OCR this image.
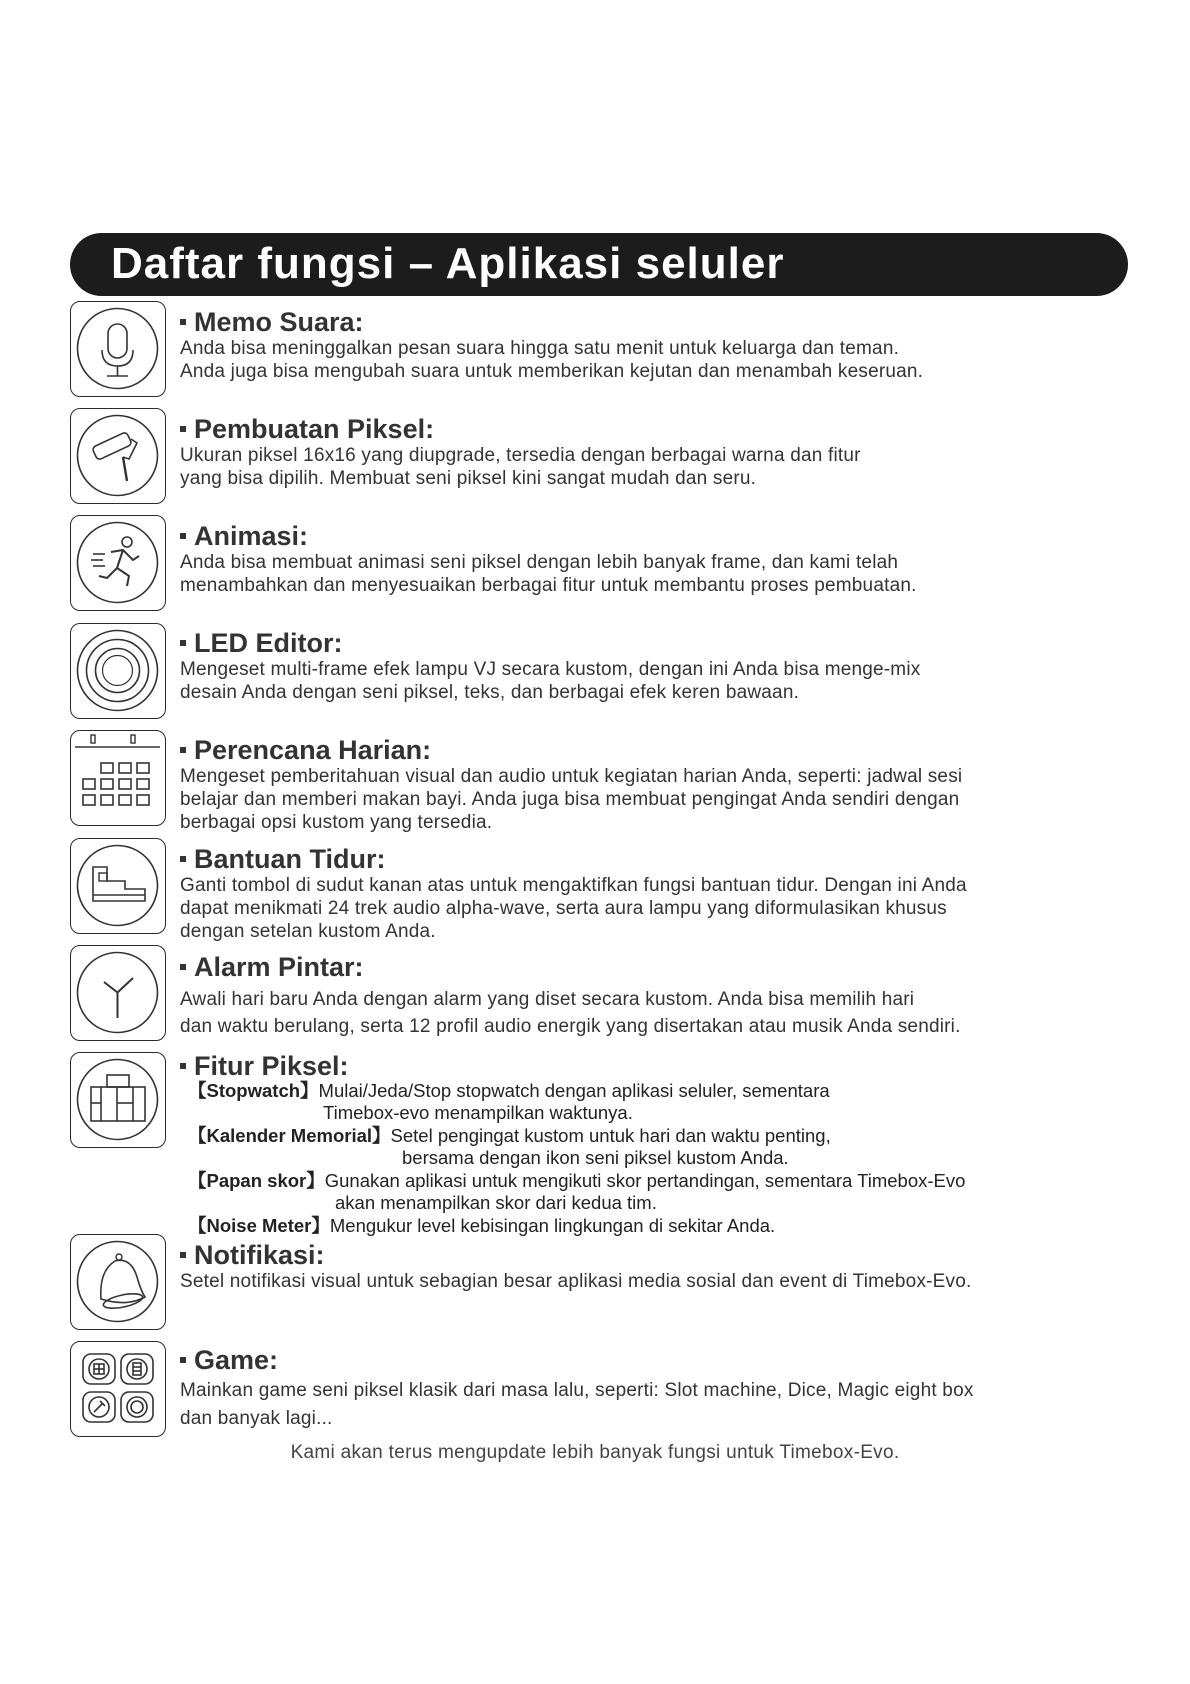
Daftar fungsi – Aplikasi seluler
Memo Suara:
Anda bisa meninggalkan pesan suara hingga satu menit untuk keluarga dan teman.
Anda juga bisa mengubah suara untuk memberikan kejutan dan menambah keseruan.
Pembuatan Piksel:
Ukuran piksel 16x16 yang diupgrade, tersedia dengan berbagai warna dan fitur
yang bisa dipilih. Membuat seni piksel kini sangat mudah dan seru.
Animasi:
Anda bisa membuat animasi seni piksel dengan lebih banyak frame, dan kami telah
menambahkan dan menyesuaikan berbagai fitur untuk membantu proses pembuatan.
LED Editor:
Mengeset multi-frame efek lampu VJ secara kustom, dengan ini Anda bisa menge-mix
desain Anda dengan seni piksel, teks, dan berbagai efek keren bawaan.
Perencana Harian:
Mengeset pemberitahuan visual dan audio untuk kegiatan harian Anda, seperti: jadwal sesi
belajar dan memberi makan bayi. Anda juga bisa membuat pengingat Anda sendiri dengan
berbagai opsi kustom yang tersedia.
Bantuan Tidur:
Ganti tombol di sudut kanan atas untuk mengaktifkan fungsi bantuan tidur. Dengan ini Anda
dapat menikmati 24 trek audio alpha-wave, serta aura lampu yang diformulasikan khusus
dengan setelan kustom Anda.
Alarm Pintar:
Awali hari baru Anda dengan alarm yang diset secara kustom. Anda bisa memilih hari
dan waktu berulang, serta 12 profil audio energik yang disertakan atau musik Anda sendiri.
Fitur Piksel:
【Stopwatch】Mulai/Jeda/Stop stopwatch dengan aplikasi seluler, sementara
Timebox-evo menampilkan waktunya.
【Kalender Memorial】Setel pengingat kustom untuk hari dan waktu penting,
bersama dengan ikon seni piksel kustom Anda.
【Papan skor】Gunakan aplikasi untuk mengikuti skor pertandingan, sementara Timebox-Evo
akan menampilkan skor dari kedua tim.
【Noise Meter】Mengukur level kebisingan lingkungan di sekitar Anda.
Notifikasi:
Setel notifikasi visual untuk sebagian besar aplikasi media sosial dan event di Timebox-Evo.
Game:
Mainkan game seni piksel klasik dari masa lalu, seperti: Slot machine, Dice, Magic eight box
dan banyak lagi...
Kami akan terus mengupdate lebih banyak fungsi untuk Timebox-Evo.
